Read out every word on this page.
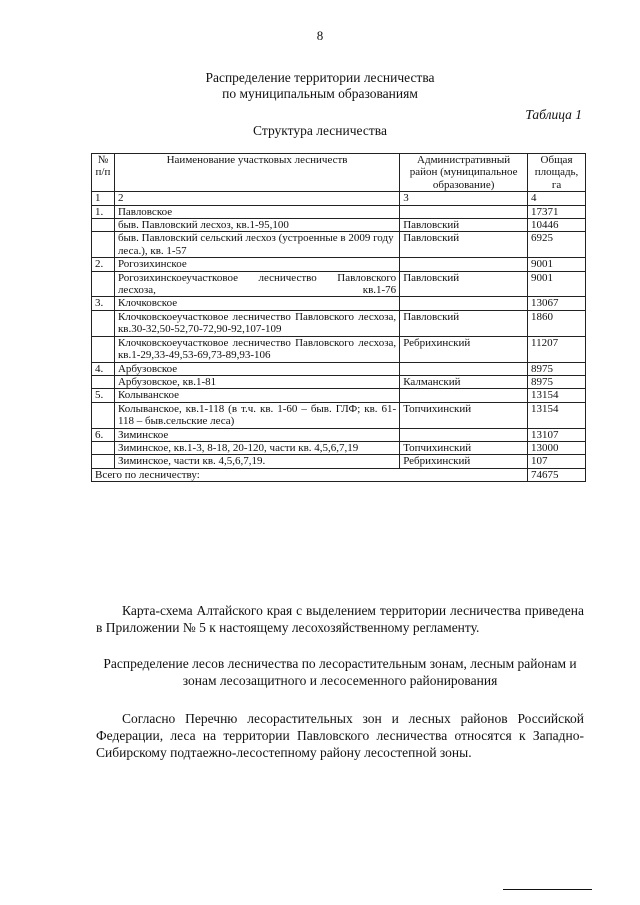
8
Распределение территории лесничества
по муниципальным образованиям
Таблица 1
Структура лесничества
№ п/п	Наименование участковых лесничеств	Административный район (муниципальное образование)	Общая площадь, га
1	2	3	4
1.	Павловское		17371
	быв. Павловский лесхоз, кв.1-95,100	Павловский	10446
	быв. Павловский сельский лесхоз (устроенные в 2009 году леса.), кв. 1-57	Павловский	6925
2.	Рогозихинское		9001
	Рогозихинскоеучастковое лесничество Павловского лесхоза, кв.1-76	Павловский	9001
3.	Клочковское		13067
	Клочковскоеучастковое лесничество Павловского лесхоза, кв.30-32,50-52,70-72,90-92,107-109	Павловский	1860
	Клочковскоеучастковое лесничество Павловского лесхоза, кв.1-29,33-49,53-69,73-89,93-106	Ребрихинский	11207
4.	Арбузовское		8975
	Арбузовское, кв.1-81	Калманский	8975
5.	Колыванское		13154
	Колыванское, кв.1-118 (в т.ч. кв. 1-60 – быв. ГЛФ; кв. 61-118 – быв.сельские леса)	Топчихинский	13154
6.	Зиминское		13107
	Зиминское, кв.1-3, 8-18, 20-120, части кв. 4,5,6,7,19	Топчихинский	13000
	Зиминское, части кв. 4,5,6,7,19.	Ребрихинский	107
Всего по лесничеству:			74675
Карта-схема Алтайского края с выделением территории лесничества приведена в Приложении № 5 к настоящему лесохозяйственному регламенту.
Распределение лесов лесничества по лесорастительным зонам, лесным районам и зонам лесозащитного и лесосеменного районирования
Согласно Перечню лесорастительных зон и лесных районов Российской Федерации, леса на территории Павловского лесничества относятся к Западно-Сибирскому подтаежно-лесостепному району лесостепной зоны.
